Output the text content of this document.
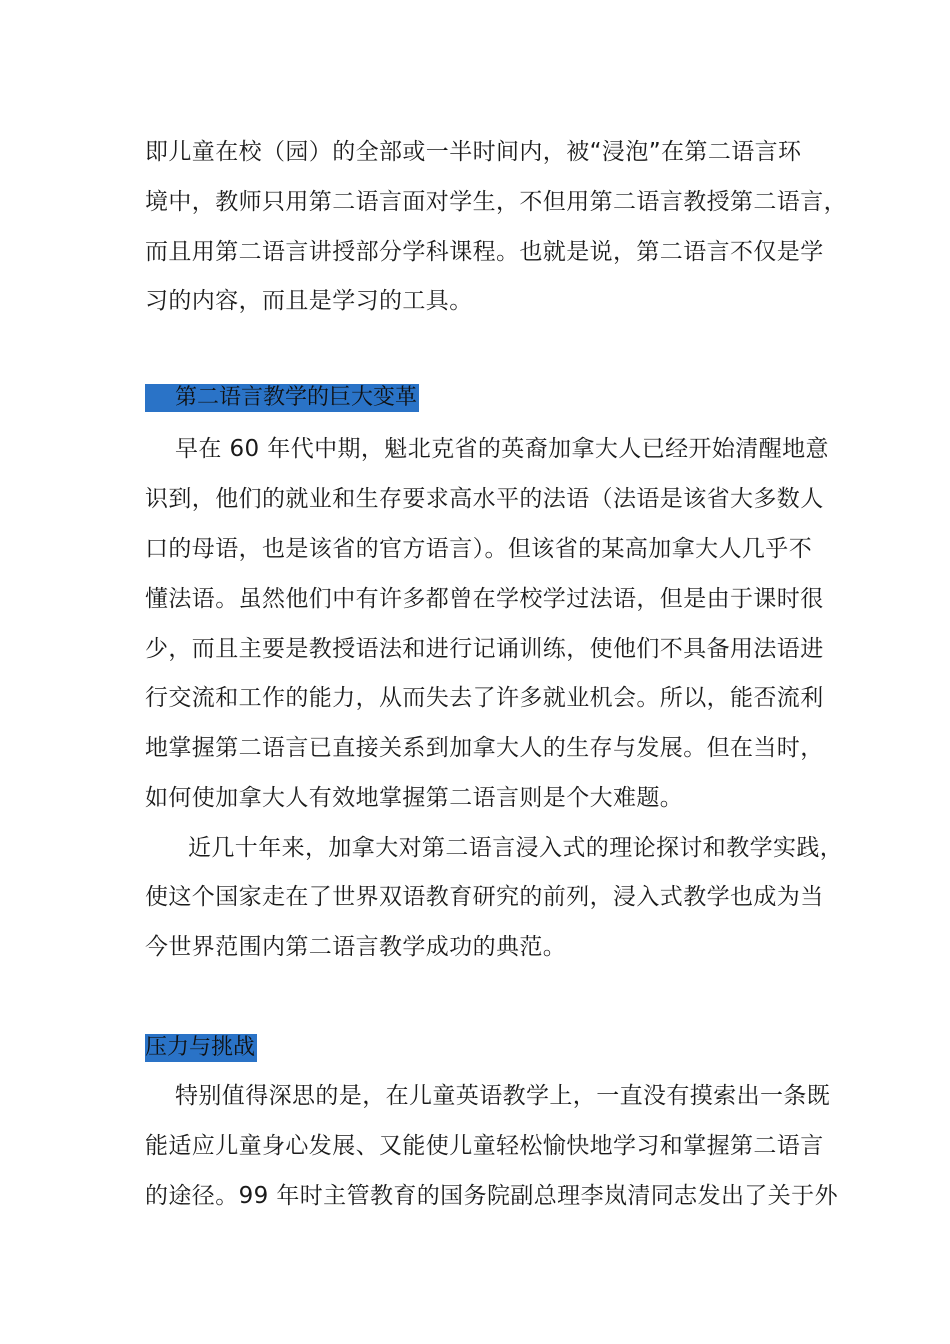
即儿童在校（园）的全部或一半时间内，被“浸泡”在第二语言环
境中，教师只用第二语言面对学生，不但用第二语言教授第二语言，
而且用第二语言讲授部分学科课程。也就是说，第二语言不仅是学
习的内容，而且是学习的工具。
第二语言教学的巨大变革
早在 60 年代中期，魁北克省的英裔加拿大人已经开始清醒地意
识到，他们的就业和生存要求高水平的法语（法语是该省大多数人
口的母语，也是该省的官方语言）。但该省的某高加拿大人几乎不
懂法语。虽然他们中有许多都曾在学校学过法语，但是由于课时很
少，而且主要是教授语法和进行记诵训练，使他们不具备用法语进
行交流和工作的能力，从而失去了许多就业机会。所以，能否流利
地掌握第二语言已直接关系到加拿大人的生存与发展。但在当时，
如何使加拿大人有效地掌握第二语言则是个大难题。
近几十年来，加拿大对第二语言浸入式的理论探讨和教学实践，
使这个国家走在了世界双语教育研究的前列，浸入式教学也成为当
今世界范围内第二语言教学成功的典范。
压力与挑战
特别值得深思的是，在儿童英语教学上，一直没有摸索出一条既
能适应儿童身心发展、又能使儿童轻松愉快地学习和掌握第二语言
的途径。99 年时主管教育的国务院副总理李岚清同志发出了关于外
